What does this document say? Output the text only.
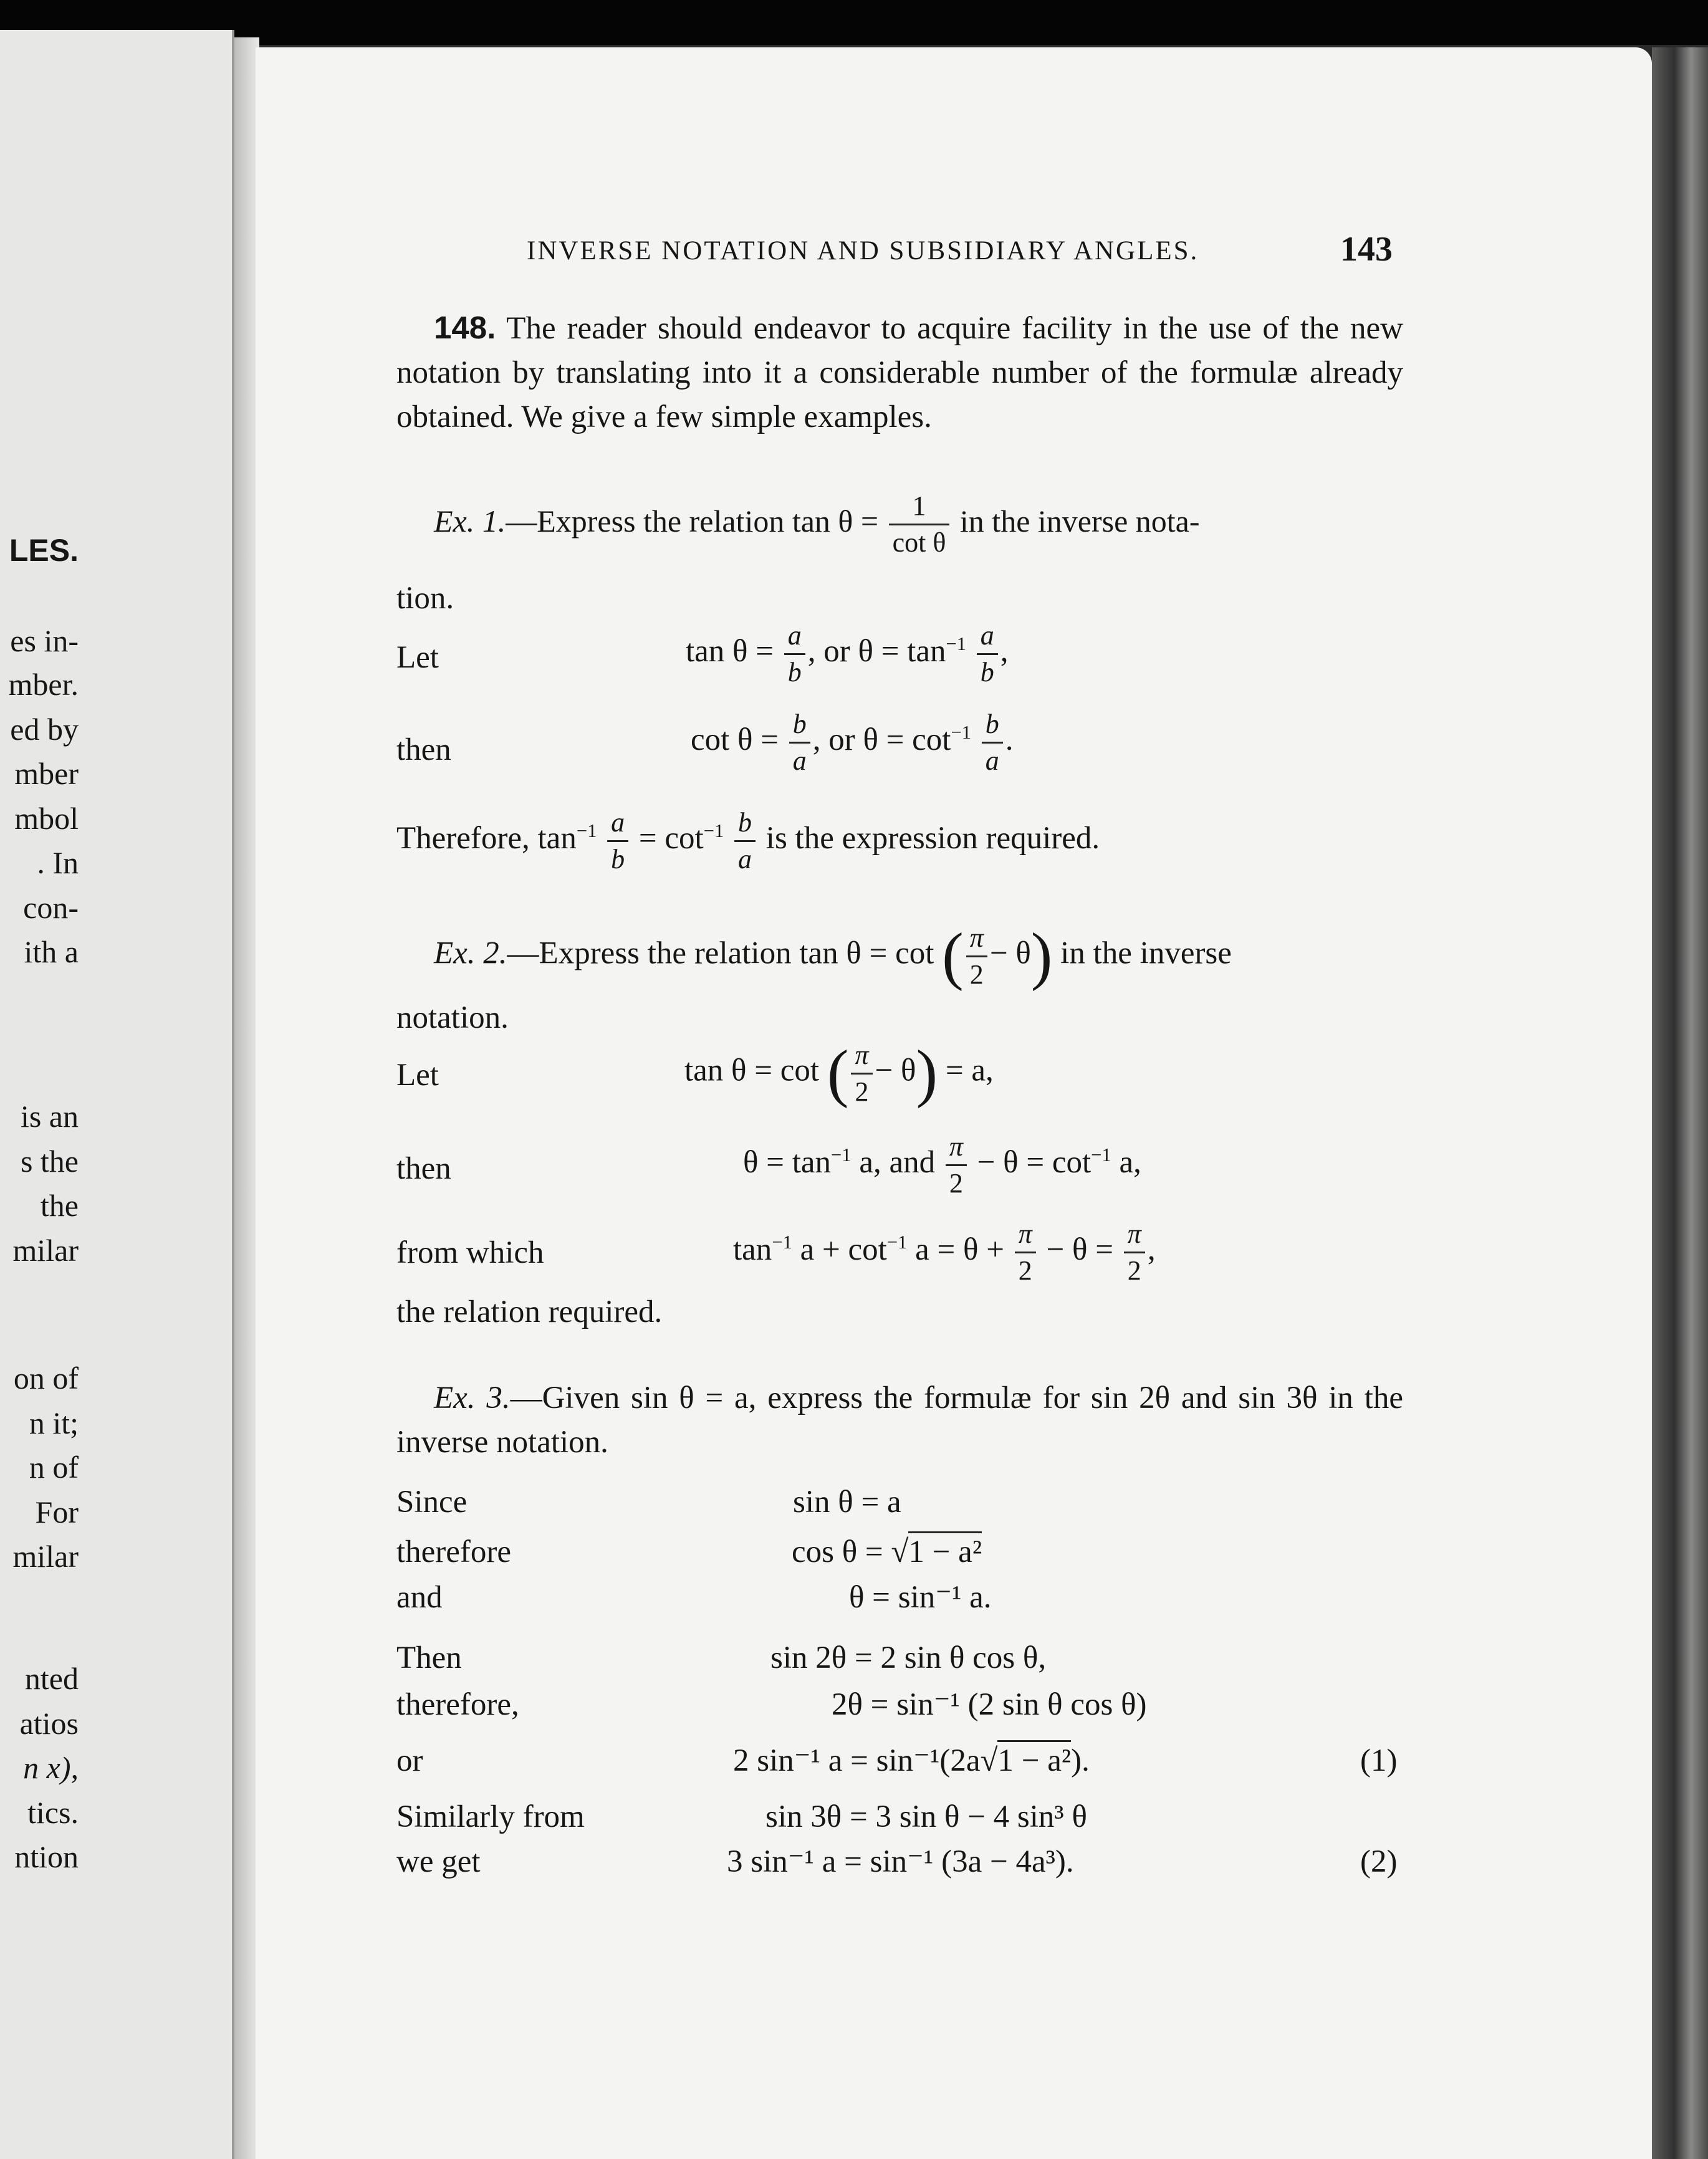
LES.
es in-
mber.
ed by
mber
mbol
. In
con-
ith a
is an
s the
the
milar
on of
n it;
n of
For
milar
nted
atios
n x),
tics.
ntion
INVERSE NOTATION AND SUBSIDIARY ANGLES.	143
148. The reader should endeavor to acquire facility in the use of the new notation by translating into it a considerable number of the formulæ already obtained. We give a few simple examples.
Ex. 1.—Express the relation $\tan \theta = \frac{1}{\text{cot θ}}$ in the inverse nota-
tion.
Let	$\tan \theta = \frac{a}{b}$ , or $\theta = \tan^{-1} \frac{a}{b}$ ,
then	$\cot \theta = \frac{b}{a}$ , or $\theta = \cot^{-1} \frac{b}{a}$ .
Therefore, $\tan^{-1} \frac{a}{b} = \cot^{-1} \frac{b}{a}$ is the expression required.
Ex. 2.—Express the relation tan θ = cot ( $\frac{\pi}{2} - \theta$) in the inverse
notation.
Let	tan θ = cot ( $\frac{\pi}{2} - \theta) = a$,
then	$\theta = \tan^{-1} a$, and $\frac{\pi}{2} - \theta = \cot^{-1} a$,
from which	$\tan^{-1} a + \cot^{-1} a = \theta + \frac{\pi}{2} - \theta = \frac{\pi}{2}$ ,
the relation required.
Ex. 3.—Given sin θ = a, express the formulæ for sin 2θ and sin 3θ in the inverse notation.
Since	sin θ = a
therefore	cos θ = √1 − a²
and	θ = sin⁻¹ a.
Then	sin 2θ = 2 sin θ cos θ,
therefore,	2θ = sin⁻¹ (2 sin θ cos θ)
or	2 sin⁻¹ a = sin⁻¹(2a√1 − a²).	(1)
Similarly from	sin 3θ = 3 sin θ − 4 sin³ θ
we get	3 sin⁻¹ a = sin⁻¹ (3a − 4a³).	(2)
